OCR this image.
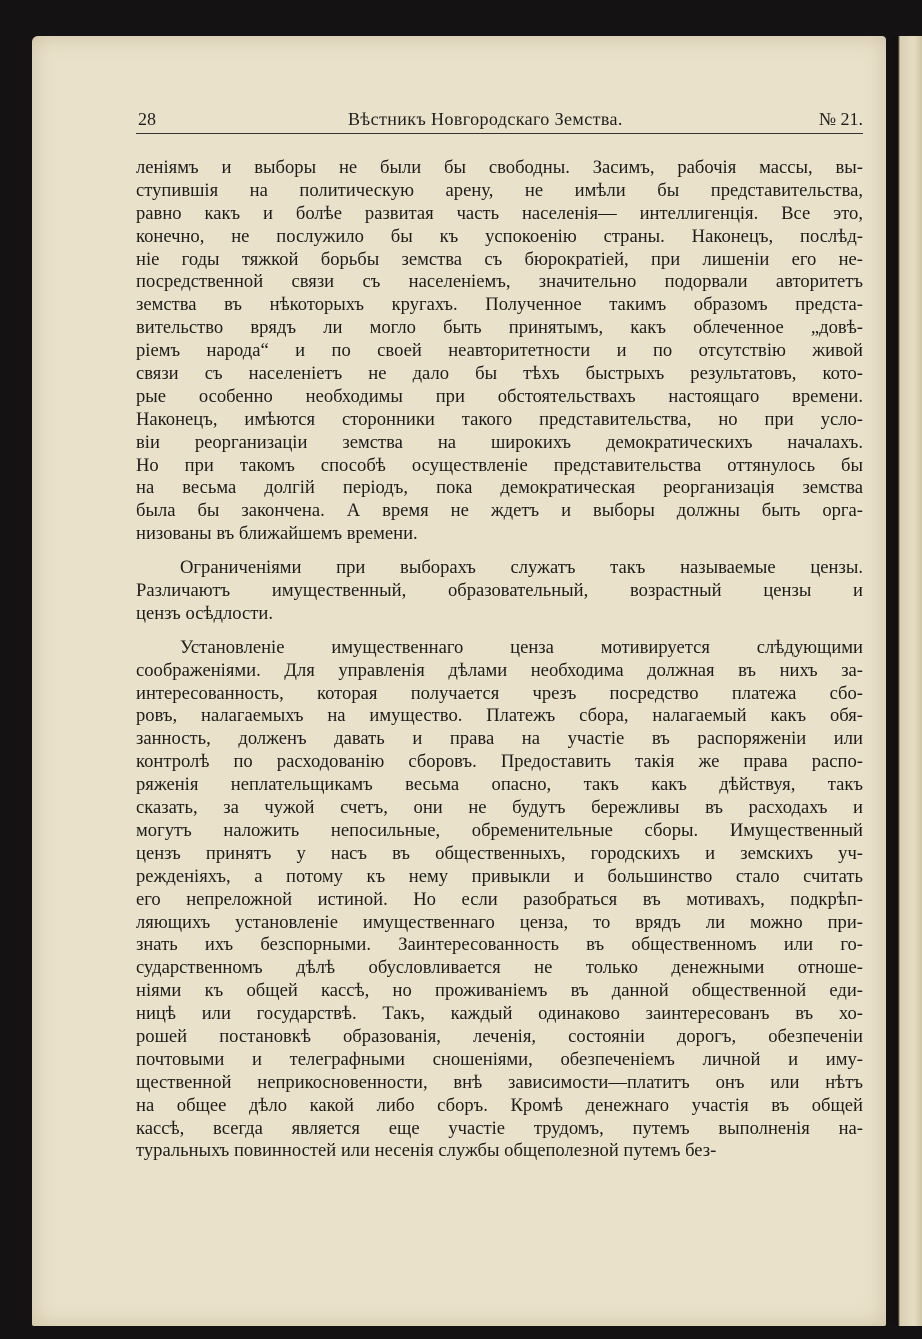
28	Вѣстникъ Новгородскаго Земства.	№ 21.
леніямъ и выборы не были бы свободны. Засимъ, рабочія массы, вы-
ступившія на политическую арену, не имѣли бы представительства,
равно какъ и болѣе развитая часть населенія— интеллигенція. Все это,
конечно, не послужило бы къ успокоенію страны. Наконецъ, послѣд-
ніе годы тяжкой борьбы земства съ бюрократіей, при лишеніи его не-
посредственной связи съ населеніемъ, значительно подорвали авторитетъ
земства въ нѣкоторыхъ кругахъ. Полученное такимъ образомъ предста-
вительство врядъ ли могло быть принятымъ, какъ облеченное „довѣ-
ріемъ народа“ и по своей неавторитетности и по отсутствію живой
связи съ населеніетъ не дало бы тѣхъ быстрыхъ результатовъ, кото-
рые особенно необходимы при обстоятельствахъ настоящаго времени.
Наконецъ, имѣются сторонники такого представительства, но при усло-
віи реорганизаціи земства на широкихъ демократическихъ началахъ.
Но при такомъ способѣ осуществленіе представительства оттянулось бы
на весьма долгій періодъ, пока демократическая реорганизація земства
была бы закончена. А время не ждетъ и выборы должны быть орга-
низованы въ ближайшемъ времени.
Ограниченіями при выборахъ служатъ такъ называемые цензы.
Различаютъ имущественный, образовательный, возрастный цензы и
цензъ осѣдлости.
Установленіе имущественнаго ценза мотивируется слѣдующими
соображеніями. Для управленія дѣлами необходима должная въ нихъ за-
интересованность, которая получается чрезъ посредство платежа сбо-
ровъ, налагаемыхъ на имущество. Платежъ сбора, налагаемый какъ обя-
занность, долженъ давать и права на участіе въ распоряженіи или
контролѣ по расходованію сборовъ. Предоставить такія же права распо-
ряженія неплательщикамъ весьма опасно, такъ какъ дѣйствуя, такъ
сказать, за чужой счетъ, они не будутъ бережливы въ расходахъ и
могутъ наложить непосильные, обременительные сборы. Имущественный
цензъ принятъ у насъ въ общественныхъ, городскихъ и земскихъ уч-
режденіяхъ, а потому къ нему привыкли и большинство стало считать
его непреложной истиной. Но если разобраться въ мотивахъ, подкрѣп-
ляющихъ установленіе имущественнаго ценза, то врядъ ли можно при-
знать ихъ безспорными. Заинтересованность въ общественномъ или го-
сударственномъ дѣлѣ обусловливается не только денежными отноше-
ніями къ общей кассѣ, но проживаніемъ въ данной общественной еди-
ницѣ или государствѣ. Такъ, каждый одинаково заинтересованъ въ хо-
рошей постановкѣ образованія, леченія, состояніи дорогъ, обезпеченіи
почтовыми и телеграфными сношеніями, обезпеченіемъ личной и иму-
щественной неприкосновенности, внѣ зависимости—платитъ онъ или нѣтъ
на общее дѣло какой либо сборъ. Кромѣ денежнаго участія въ общей
кассѣ, всегда является еще участіе трудомъ, путемъ выполненія на-
туральныхъ повинностей или несенія службы общеполезной путемъ без-
